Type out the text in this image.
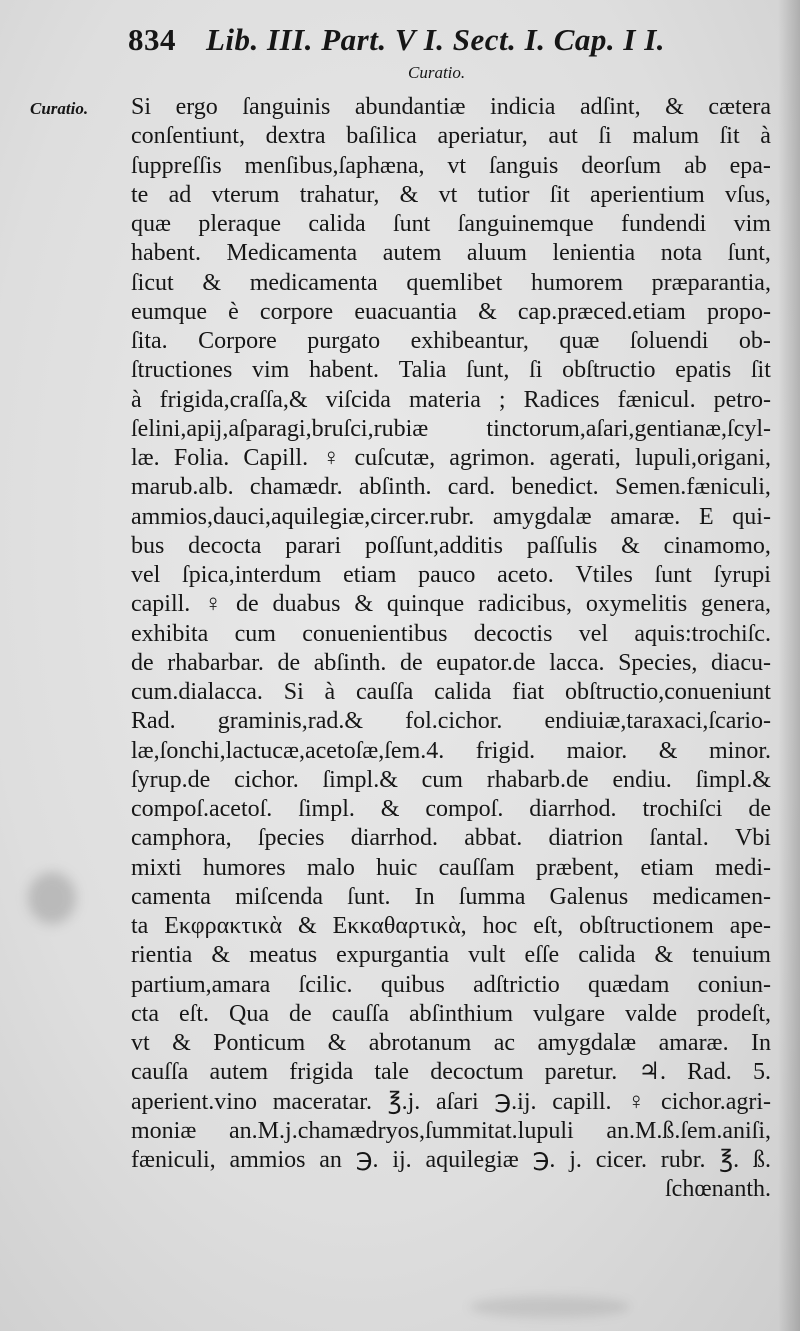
834 Lib. III. Part. V I. Sect. I. Cap. I I.
Curatio.
Curatio. Si ergo ſanguinis abundantiæ indicia adſint, & cætera
conſentiunt, dextra baſilica aperiatur, aut ſi malum ſit à
ſuppreſſis menſibus,ſaphæna, vt ſanguis deorſum ab epa-
te ad vterum trahatur, & vt tutior ſit aperientium vſus,
quæ pleraque calida ſunt ſanguinemque fundendi vim
habent. Medicamenta autem aluum lenientia nota ſunt,
ſicut & medicamenta quemlibet humorem præparantia,
eumque è corpore euacuantia & cap.præced.etiam propo-
ſita. Corpore purgato exhibeantur, quæ ſoluendi ob-
ſtructiones vim habent. Talia ſunt, ſi obſtructio epatis ſit
à frigida,craſſa,& viſcida materia ; Radices fænicul. petro-
ſelini,apij,aſparagi,bruſci,rubiæ tinctorum,aſari,gentianæ,ſcyl-
læ. Folia. Capill. ♀ cuſcutæ, agrimon. agerati, lupuli,origani,
marub.alb. chamædr. abſinth. card. benedict. Semen.fæniculi,
ammios,dauci,aquilegiæ,circer.rubr. amygdalæ amaræ. E qui-
bus decocta parari poſſunt,additis paſſulis & cinamomo,
vel ſpica,interdum etiam pauco aceto. Vtiles ſunt ſyrupi
capill. ♀ de duabus & quinque radicibus, oxymelitis genera,
exhibita cum conuenientibus decoctis vel aquis:trochiſc.
de rhabarbar. de abſinth. de eupator.de lacca. Species, diacu-
cum.dialacca. Si à cauſſa calida fiat obſtructio,conueniunt
Rad. graminis,rad.& fol.cichor. endiuiæ,taraxaci,ſcario-
læ,ſonchi,lactucæ,acetoſæ,ſem.4. frigid. maior. & minor.
ſyrup.de cichor. ſimpl.& cum rhabarb.de endiu. ſimpl.&
compoſ.acetoſ. ſimpl. & compoſ. diarrhod. trochiſci de
camphora, ſpecies diarrhod. abbat. diatrion ſantal. Vbi
mixti humores malo huic cauſſam præbent, etiam medi-
camenta miſcenda ſunt. In ſumma Galenus medicamen-
ta Εκφρακτικὰ & Εκκαθαρτικὰ, hoc eſt, obſtructionem ape-
rientia & meatus expurgantia vult eſſe calida & tenuium
partium,amara ſcilic. quibus adſtrictio quædam coniun-
cta eſt. Qua de cauſſa abſinthium vulgare valde prodeſt,
vt & Ponticum & abrotanum ac amygdalæ amaræ. In
cauſſa autem frigida tale decoctum paretur. ♃. Rad. 5.
aperient.vino maceratar. ℥.j. aſari ℈.ij. capill. ♀ cichor.agri-
moniæ an.M.j.chamædryos,ſummitat.lupuli an.M.ß.ſem.aniſi,
fæniculi, ammios an ℈. ij. aquilegiæ ℈. j. cicer. rubr. ℥. ß.
ſchœnanth.
